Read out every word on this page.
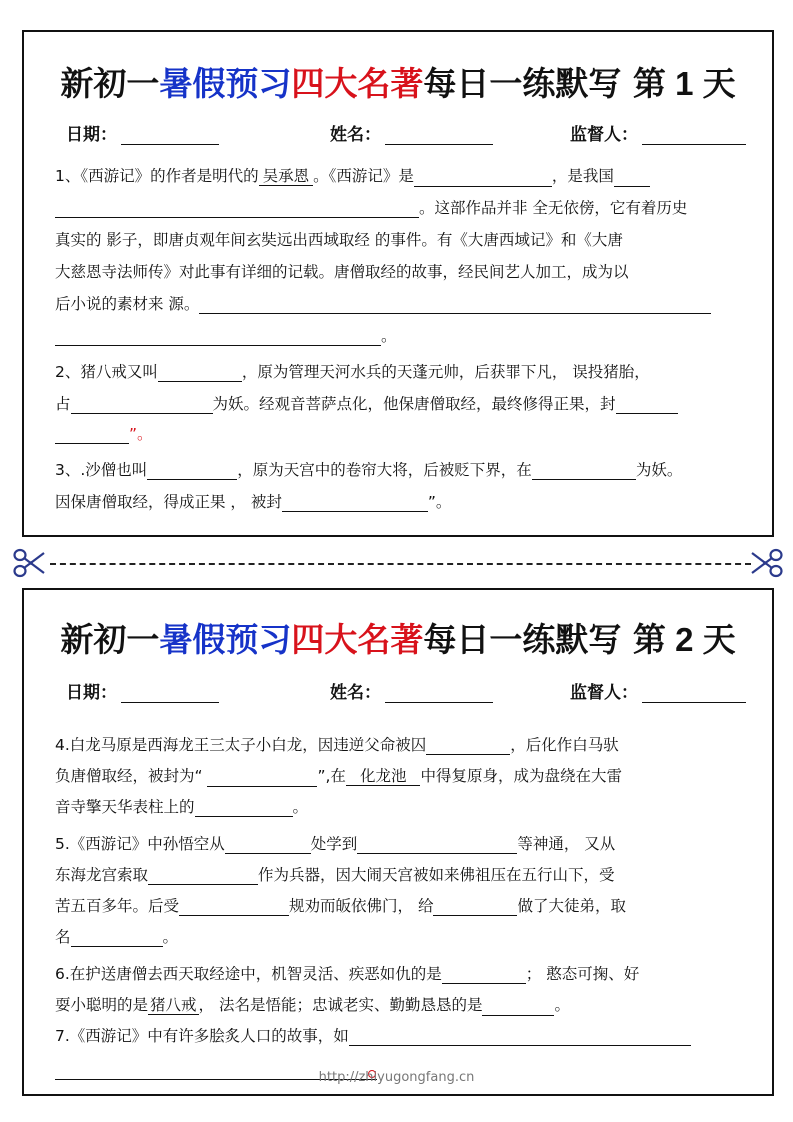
新初一暑假预习四大名著每日一练默写 第 1 天
日期：	姓名：	监督人：
1、《西游记》的作者是明代的 吴承恩 。《西游记》是	，是我国
。这部作品并非 全无依傍，它有着历史
真实的 影子，即唐贞观年间玄奘远出西域取经 的事件。有《大唐西域记》和《大唐
大慈恩寺法师传》对此事有详细的记载。唐僧取经的故事，经民间艺人加工，成为以
后小说的素材来 源。
。
2、猪八戒又叫	，原为管理天河水兵的天蓬元帅，后获罪下凡， 误投猪胎，
占	为妖。经观音菩萨点化，他保唐僧取经，最终修得正果，封
”。
3、.沙僧也叫	，原为天宫中的卷帘大将，后被贬下界，在	为妖。
因保唐僧取经，得成正果 ， 被封	”。
新初一暑假预习四大名著每日一练默写 第 2 天
日期：	姓名：	监督人：
4.白龙马原是西海龙王三太子小白龙，因违逆父命被囚	，后化作白马驮
负唐僧取经，被封为“	”,在 化龙池 中得复原身，成为盘绕在大雷
音寺擎天华表柱上的	。
5.《西游记》中孙悟空从	处学到	等神通， 又从
东海龙宫索取	作为兵器，因大闹天宫被如来佛祖压在五行山下，受
苦五百多年。后受	规劝而皈依佛门， 给	做了大徒弟，取
名	。
6.在护送唐僧去西天取经途中，机智灵活、疾恶如仇的是	； 憨态可掬、好
耍小聪明的是 猪八戒 ， 法名是悟能；忠诚老实、勤勤恳恳的是	。
7.《西游记》中有许多脍炙人口的故事，如
http://zhiyugongfang.cn
